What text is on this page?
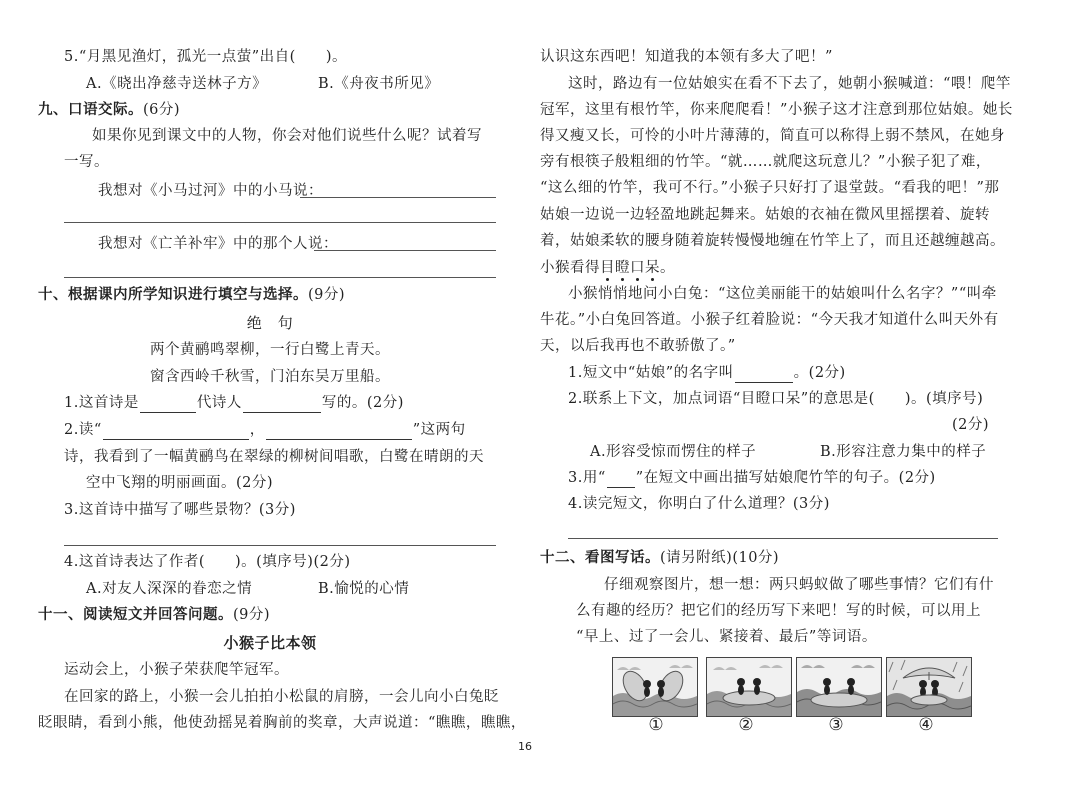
5.“月黑见渔灯，孤光一点萤”出自(　　)。
A.《晓出净慈寺送林子方》	B.《舟夜书所见》
九、口语交际。(6分)
如果你见到课文中的人物，你会对他们说些什么呢？试着写
一写。
我想对《小马过河》中的小马说：
我想对《亡羊补牢》中的那个人说：
十、根据课内所学知识进行填空与选择。(9分)
绝　句
两个黄鹂鸣翠柳，一行白鹭上青天。
窗含西岭千秋雪，门泊东吴万里船。
1.这首诗是	代诗人	写的。(2分)
2.读“	，	”这两句
诗，我看到了一幅黄鹂鸟在翠绿的柳树间唱歌，白鹭在晴朗的天
空中飞翔的明丽画面。(2分)
3.这首诗中描写了哪些景物？(3分)
4.这首诗表达了作者(　　)。(填序号)(2分)
A.对友人深深的眷恋之情	B.愉悦的心情
十一、阅读短文并回答问题。(9分)
小猴子比本领
运动会上，小猴子荣获爬竿冠军。
在回家的路上，小猴一会儿拍拍小松鼠的肩膀，一会儿向小白兔眨
眨眼睛，看到小熊，他使劲摇晃着胸前的奖章，大声说道：“瞧瞧，瞧瞧，
认识这东西吧！知道我的本领有多大了吧！”
这时，路边有一位姑娘实在看不下去了，她朝小猴喊道：“喂！爬竿
冠军，这里有根竹竿，你来爬爬看！”小猴子这才注意到那位姑娘。她长
得又瘦又长，可怜的小叶片薄薄的，简直可以称得上弱不禁风，在她身
旁有根筷子般粗细的竹竿。“就……就爬这玩意儿？”小猴子犯了难，
“这么细的竹竿，我可不行。”小猴子只好打了退堂鼓。“看我的吧！”那
姑娘一边说一边轻盈地跳起舞来。姑娘的衣袖在微风里摇摆着、旋转
着，姑娘柔软的腰身随着旋转慢慢地缠在竹竿上了，而且还越缠越高。
小猴看得目瞪口呆。
小猴悄悄地问小白兔：“这位美丽能干的姑娘叫什么名字？”“叫牵
牛花。”小白兔回答道。小猴子红着脸说：“今天我才知道什么叫天外有
天，以后我再也不敢骄傲了。”
1.短文中“姑娘”的名字叫	。(2分)
2.联系上下文，加点词语“目瞪口呆”的意思是(　　)。(填序号)
(2分)
A.形容受惊而愣住的样子	B.形容注意力集中的样子
3.用“ ”在短文中画出描写姑娘爬竹竿的句子。(2分)
4.读完短文，你明白了什么道理？(3分)
十二、看图写话。(请另附纸)(10分)
仔细观察图片，想一想：两只蚂蚁做了哪些事情？它们有什
么有趣的经历？把它们的经历写下来吧！写的时候，可以用上
“早上、过了一会儿、紧接着、最后”等词语。
①	②	③	④
16
